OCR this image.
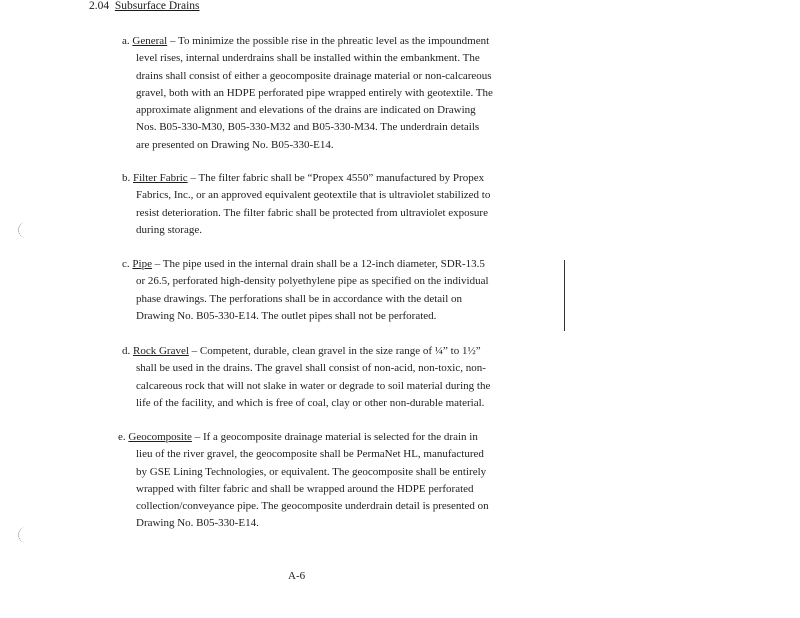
2.04 Subsurface Drains
a. General – To minimize the possible rise in the phreatic level as the impoundment
level rises, internal underdrains shall be installed within the embankment. The
drains shall consist of either a geocomposite drainage material or non-calcareous
gravel, both with an HDPE perforated pipe wrapped entirely with geotextile. The
approximate alignment and elevations of the drains are indicated on Drawing
Nos. B05-330-M30, B05-330-M32 and B05-330-M34. The underdrain details
are presented on Drawing No. B05-330-E14.
b. Filter Fabric – The filter fabric shall be “Propex 4550” manufactured by Propex
Fabrics, Inc., or an approved equivalent geotextile that is ultraviolet stabilized to
resist deterioration. The filter fabric shall be protected from ultraviolet exposure
during storage.
c. Pipe – The pipe used in the internal drain shall be a 12-inch diameter, SDR-13.5
or 26.5, perforated high-density polyethylene pipe as specified on the individual
phase drawings. The perforations shall be in accordance with the detail on
Drawing No. B05-330-E14. The outlet pipes shall not be perforated.
d. Rock Gravel – Competent, durable, clean gravel in the size range of ¼” to 1½”
shall be used in the drains. The gravel shall consist of non-acid, non-toxic, non-
calcareous rock that will not slake in water or degrade to soil material during the
life of the facility, and which is free of coal, clay or other non-durable material.
e. Geocomposite – If a geocomposite drainage material is selected for the drain in
lieu of the river gravel, the geocomposite shall be PermaNet HL, manufactured
by GSE Lining Technologies, or equivalent. The geocomposite shall be entirely
wrapped with filter fabric and shall be wrapped around the HDPE perforated
collection/conveyance pipe. The geocomposite underdrain detail is presented on
Drawing No. B05-330-E14.
A-6
